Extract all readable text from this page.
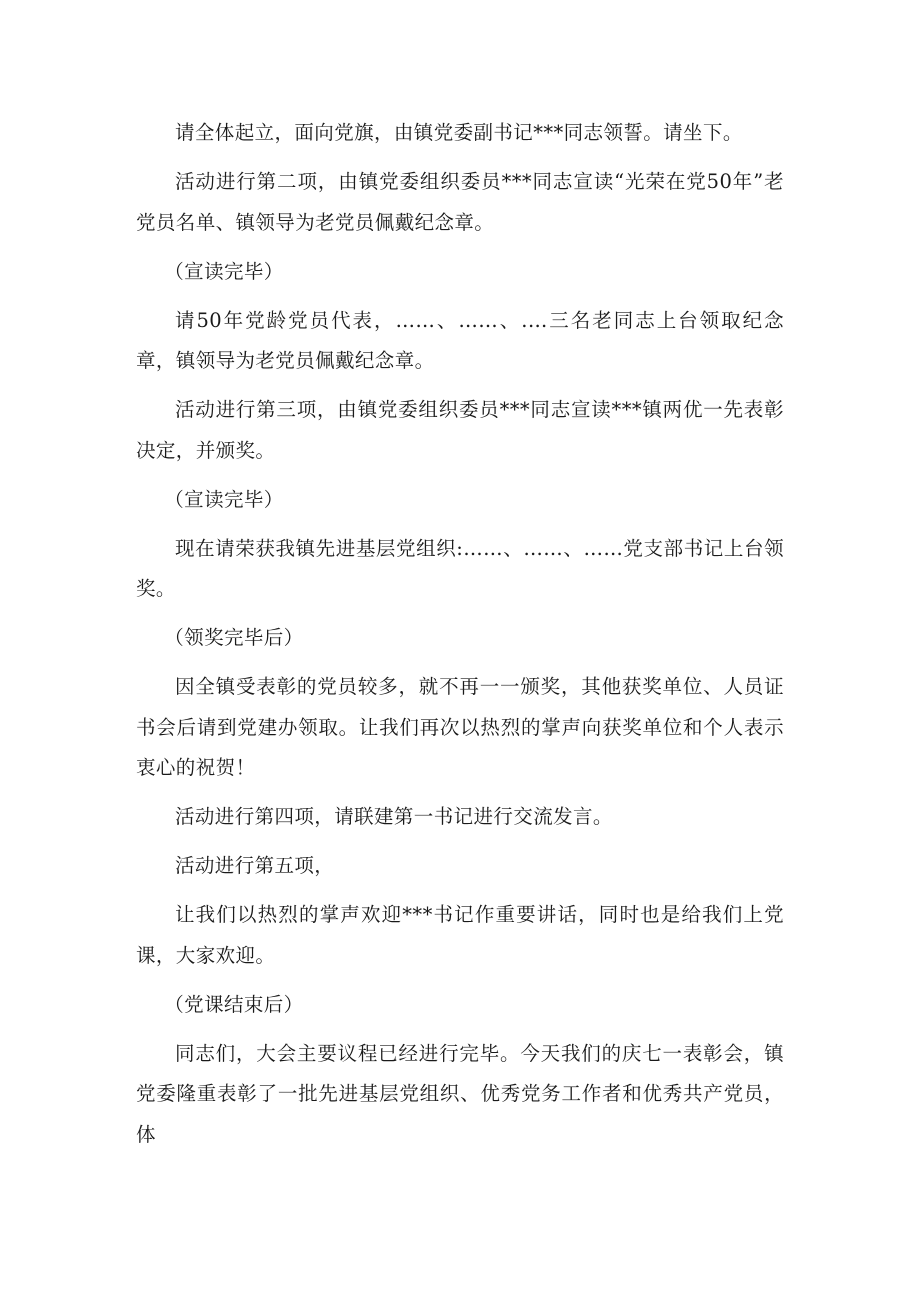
请全体起立，面向党旗，由镇党委副书记***同志领誓。请坐下。

活动进行第二项，由镇党委组织委员***同志宣读“光荣在党50年”老党员名单、镇领导为老党员佩戴纪念章。

（宣读完毕）

请50年党龄党员代表，……、……、.…三名老同志上台领取纪念章，镇领导为老党员佩戴纪念章。

活动进行第三项，由镇党委组织委员***同志宣读***镇两优一先表彰决定，并颁奖。

（宣读完毕）

现在请荣获我镇先进基层党组织:……、……、……党支部书记上台领奖。

（领奖完毕后）

因全镇受表彰的党员较多，就不再一一颁奖，其他获奖单位、人员证书会后请到党建办领取。让我们再次以热烈的掌声向获奖单位和个人表示衷心的祝贺！

活动进行第四项，请联建第一书记进行交流发言。

活动进行第五项，

让我们以热烈的掌声欢迎***书记作重要讲话，同时也是给我们上党课，大家欢迎。

（党课结束后）

同志们，大会主要议程已经进行完毕。今天我们的庆七一表彰会，镇党委隆重表彰了一批先进基层党组织、优秀党务工作者和优秀共产党员，体
